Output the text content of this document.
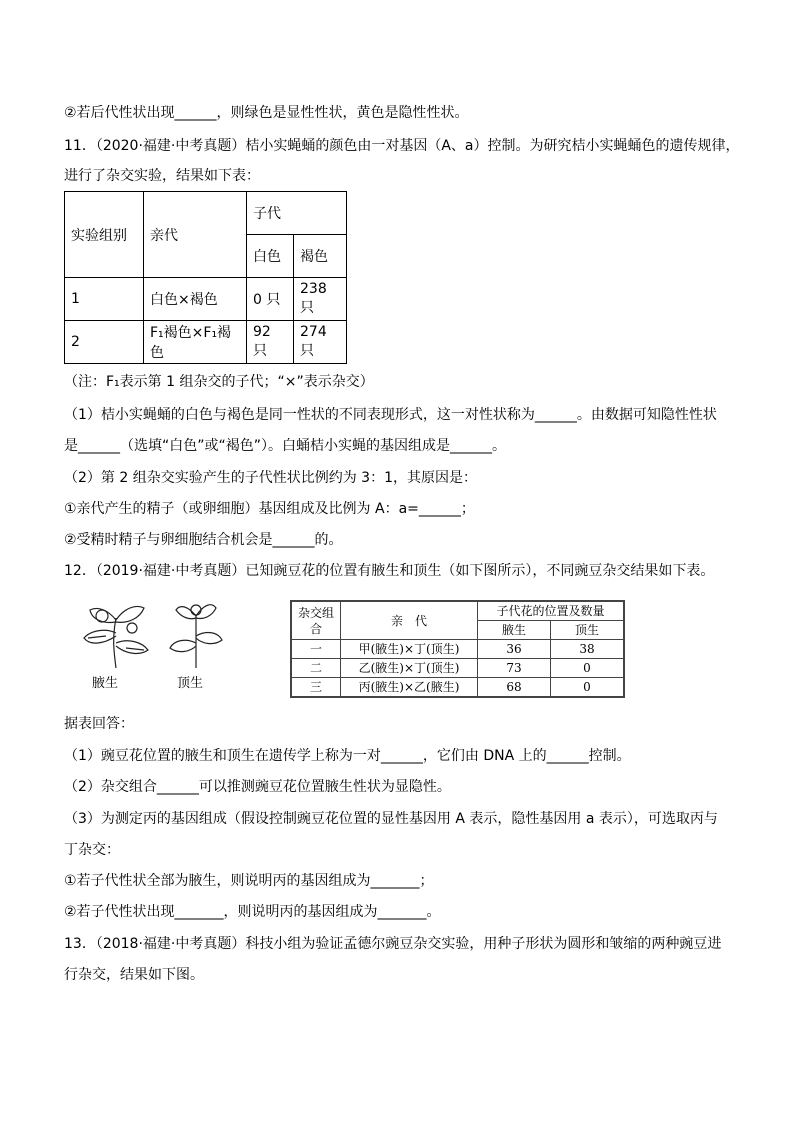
②若后代性状出现______，则绿色是显性性状，黄色是隐性性状。
11．（2020·福建·中考真题）桔小实蝇蛹的颜色由一对基因（A、a）控制。为研究桔小实蝇蛹色的遗传规律，
进行了杂交实验，结果如下表：
实验组别	亲代	子代	
		白色	褐色
1	白色×褐色	0 只	238 只
2	F₁褐色×F₁褐色	92 只	274 只
（注：F₁表示第 1 组杂交的子代；“×”表示杂交）
（1）桔小实蝇蛹的白色与褐色是同一性状的不同表现形式，这一对性状称为______。由数据可知隐性性状
是______（选填“白色”或“褐色”）。白蛹桔小实蝇的基因组成是______。
（2）第 2 组杂交实验产生的子代性状比例约为 3：1，其原因是：
①亲代产生的精子（或卵细胞）基因组成及比例为 A：a=______；
②受精时精子与卵细胞结合机会是______的。
12．（2019·福建·中考真题）已知豌豆花的位置有腋生和顶生（如下图所示），不同豌豆杂交结果如下表。
腋生	顶生
杂交组合	亲　代	子代花的位置及数量	
		腋生	顶生
一	甲(腋生)×丁(顶生)	36	38
二	乙(腋生)×丁(顶生)	73	0
三	丙(腋生)×乙(腋生)	68	0
据表回答：
（1）豌豆花位置的腋生和顶生在遗传学上称为一对______，它们由 DNA 上的______控制。
（2）杂交组合______可以推测豌豆花位置腋生性状为显隐性。
（3）为测定丙的基因组成（假设控制豌豆花位置的显性基因用 A 表示，隐性基因用 a 表示），可选取丙与
丁杂交：
①若子代性状全部为腋生，则说明丙的基因组成为_______；
②若子代性状出现_______，则说明丙的基因组成为_______。
13．（2018·福建·中考真题）科技小组为验证孟德尔豌豆杂交实验，用种子形状为圆形和皱缩的两种豌豆进
行杂交，结果如下图。
